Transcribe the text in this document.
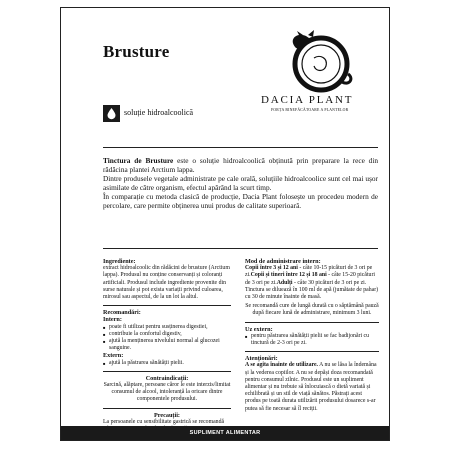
Brusture
soluție hidroalcoolică
DACIA PLANT
FORȚA BINEFĂCĂTOARE A PLANTELOR

Tinctura de Brusture este o soluție hidroalcoolică obținută prin preparare la rece din rădăcina plantei Arctium lappa.

Dintre produsele vegetale administrate pe cale orală, soluțiile hidroalcoolice sunt cel mai ușor asimilate de către organism, efectul apărând la scurt timp.

În comparație cu metoda clasică de producție, Dacia Plant folosește un procedeu modern de percolare, care permite obținerea unui produs de calitate superioară.

Ingrediente:

extract hidroalcoolic din rădăcini de brusture (Arctium lappa). Produsul nu conține conservanți și coloranți artificiali. Produsul include ingrediente provenite din surse naturale și pot exista variații privind culoarea, mirosul sau aspectul, de la un lot la altul.

Recomandări:
Intern:
■ poate fi utilizat pentru susținerea digestiei,
■ contribuie la confortul digestiv,
■ ajută la menținerea nivelului normal al glucozei sanguine.
Extern:
■ ajută la păstrarea sănătății pielii.
Contraindicații:

Sarcină, alăptare, persoane căror le este interzis/limitat consumul de alcool, intoleranță la oricare dintre componentele produsului.

Precauții:

La persoanele cu sensibilitate gastrică se recomandă

Mod de administrare intern:

Copii între 3 și 12 ani - câte 10-15 picături de 3 ori pe zi.Copii și tineri între 12 și 18 ani - câte 15-20 picături de 3 ori pe zi.Adulți - câte 30 picături de 3 ori pe zi.

Tinctura se diluează în 100 ml de apă (jumătate de pahar) cu 30 de minute înainte de masă.

Se recomandă cure de lungă durată cu o săptămână pauză după fiecare lună de administrare, minimum 3 luni.

Uz extern:
■ pentru păstrarea sănătății pielii se fac badijonări cu tinctură de 2-3 ori pe zi.
Atenționări:

A se agita înainte de utilizare. A nu se lăsa la îndemâna și la vederea copiilor. A nu se depăși doza recomandată pentru consumul zilnic. Produsul este un supliment alimentar și nu trebuie să înlocuiască o dietă variată și echilibrată și un stil de viață sănătos. Păstrați acest produs pe toată durata utilizării produsului dosarece s-ar putea să fie necesar să îl reciții.

SUPLIMENT ALIMENTAR
